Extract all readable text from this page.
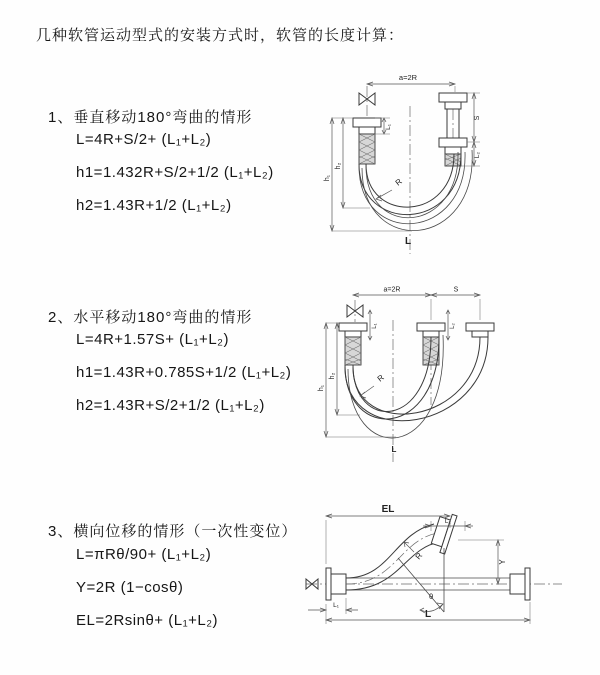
几种软管运动型式的安装方式时，软管的长度计算：
1、垂直移动180°弯曲的情形
L=4R+S/2+ (L₁+L₂)
h1=1.432R+S/2+1/2 (L₁+L₂)
h2=1.43R+1/2 (L₁+L₂)
2、水平移动180°弯曲的情形
L=4R+1.57S+ (L₁+L₂)
h1=1.43R+0.785S+1/2 (L₁+L₂)
h2=1.43R+S/2+1/2 (L₁+L₂)
3、横向位移的情形（一次性变位）
L=πRθ/90+ (L₁+L₂)
Y=2R (1−cosθ)
EL=2Rsinθ+ (L₁+L₂)
a=2R
R
h₁
h₂
L₁
S
L₂
L
a=2R	S
R
h₁
h₂
L₁	L₂
L
EL
L₂
Y
θ
R
L₁
L
